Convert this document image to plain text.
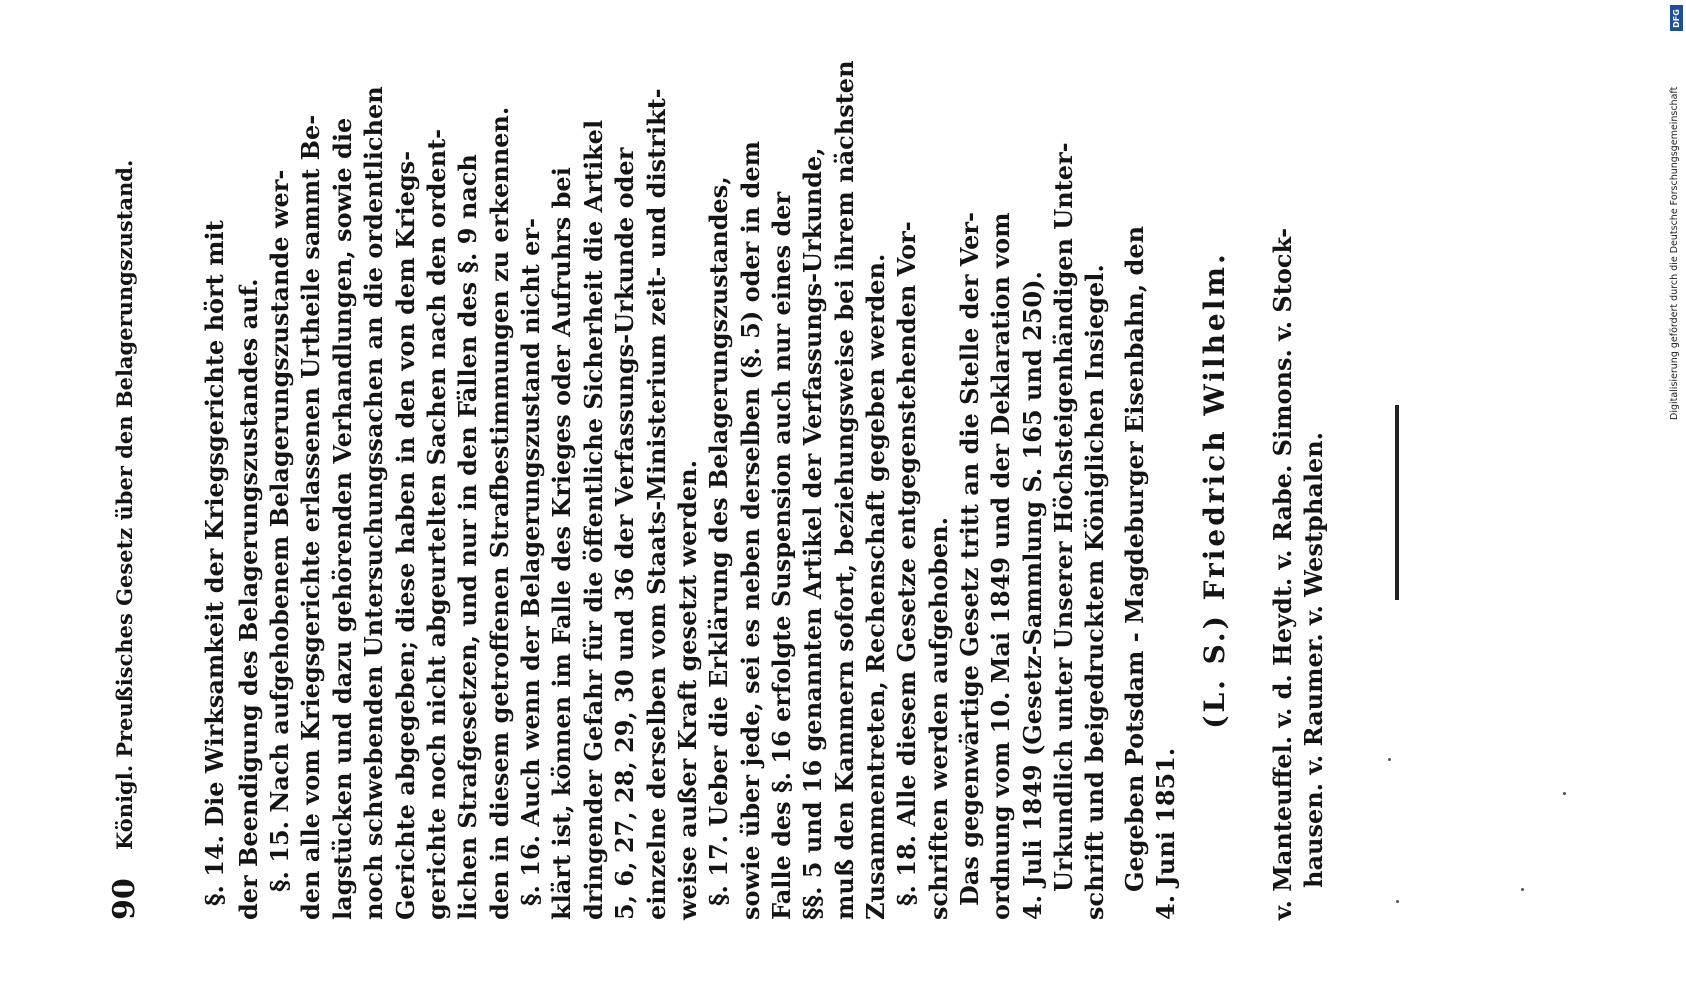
90
Königl. Preußisches Gesetz über den Belagerungszustand.	§. 14. Die Wirksamkeit der Kriegsgerichte hört mit der Beendigung des Belagerungszustandes auf. §. 15. Nach aufgehobenem Belagerungszustande wer- den alle vom Kriegsgerichte erlassenen Urtheile sammt Be- lagstücken und dazu gehörenden Verhandlungen, sowie die noch schwebenden Untersuchungssachen an die ordentlichen Gerichte abgegeben; diese haben in den von dem Kriegs- gerichte noch nicht abgeurtelten Sachen nach den ordent- lichen Strafgesetzen, und nur in den Fällen des §. 9 nach den in diesem getroffenen Strafbestimmungen zu erkennen. §. 16. Auch wenn der Belagerungszustand nicht er- klärt ist, können im Falle des Krieges oder Aufruhrs bei dringender Gefahr für die öffentliche Sicherheit die Artikel 5, 6, 27, 28, 29, 30 und 36 der Verfassungs-Urkunde oder einzelne derselben vom Staats-Ministerium zeit- und distrikt- weise außer Kraft gesetzt werden. §. 17. Ueber die Erklärung des Belagerungszustandes, sowie über jede, sei es neben derselben (§. 5) oder in dem Falle des §. 16 erfolgte Suspension auch nur eines der §§. 5 und 16 genannten Artikel der Verfassungs-Urkunde, muß den Kammern sofort, beziehungsweise bei ihrem nächsten Zusammentreten, Rechenschaft gegeben werden. §. 18. Alle diesem Gesetze entgegenstehenden Vor- schriften werden aufgehoben. Das gegenwärtige Gesetz tritt an die Stelle der Ver- ordnung vom 10. Mai 1849 und der Deklaration vom 4. Juli 1849 (Gesetz-Sammlung S. 165 und 250). Urkundlich unter Unserer Höchsteigenhändigen Unter- schrift und beigedrucktem Königlichen Insiegel. Gegeben Potsdam - Magdeburger Eisenbahn, den 4. Juni 1851.
(L. S.) Friedrich Wilhelm. v. Manteuffel. v. d. Heydt. v. Rabe. Simons. v. Stock- hausen. v. Raumer. v. Westphalen.
Digitalisierung gefördert durch die Deutsche Forschungsgemeinschaft
DFG
